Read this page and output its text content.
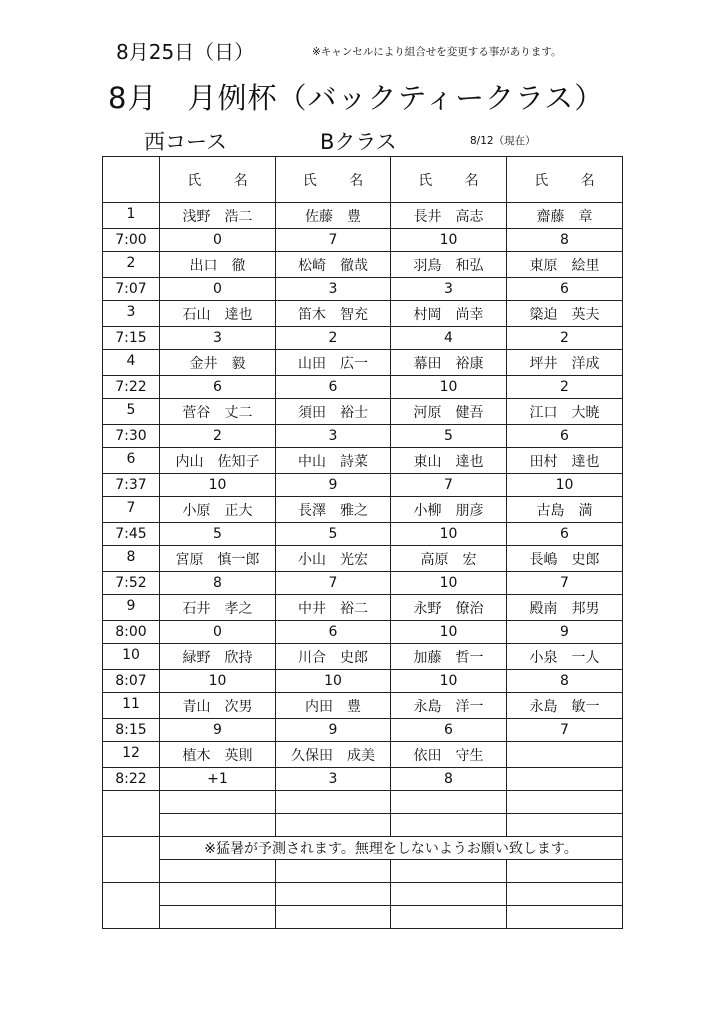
8月25日（日）	※キャンセルにより組合せを変更する事があります。
8月　月例杯（バックティークラス）
西コース	Bクラス	8/12（現在）
	氏 名	氏 名	氏 名	氏 名
1	浅野　浩二	佐藤　豊	長井　高志	齋藤　章
7:00	0	7	10	8
2	出口　徹	松崎　徹哉	羽鳥　和弘	東原　絵里
7:07	0	3	3	6
3	石山　達也	笛木　智充	村岡　尚幸	簗迫　英夫
7:15	3	2	4	2
4	金井　毅	山田　広一	幕田　裕康	坪井　洋成
7:22	6	6	10	2
5	菅谷　丈二	須田　裕士	河原　健吾	江口　大暁
7:30	2	3	5	6
6	内山　佐知子	中山　詩菜	東山　達也	田村　達也
7:37	10	9	7	10
7	小原　正大	長澤　雅之	小柳　朋彦	古島　満
7:45	5	5	10	6
8	宮原　慎一郎	小山　光宏	高原　宏	長嶋　史郎
7:52	8	7	10	7
9	石井　孝之	中井　裕二	永野　僚治	殿南　邦男
8:00	0	6	10	9
10	緑野　欣持	川合　史郎	加藤　哲一	小泉　一人
8:07	10	10	10	8
11	青山　次男	内田　豊	永島　洋一	永島　敏一
8:15	9	9	6	7
12	植木　英則	久保田　成美	依田　守生	
8:22	+1	3	8	

	※猛暑が予測されます。無理をしないようお願い致します。			
